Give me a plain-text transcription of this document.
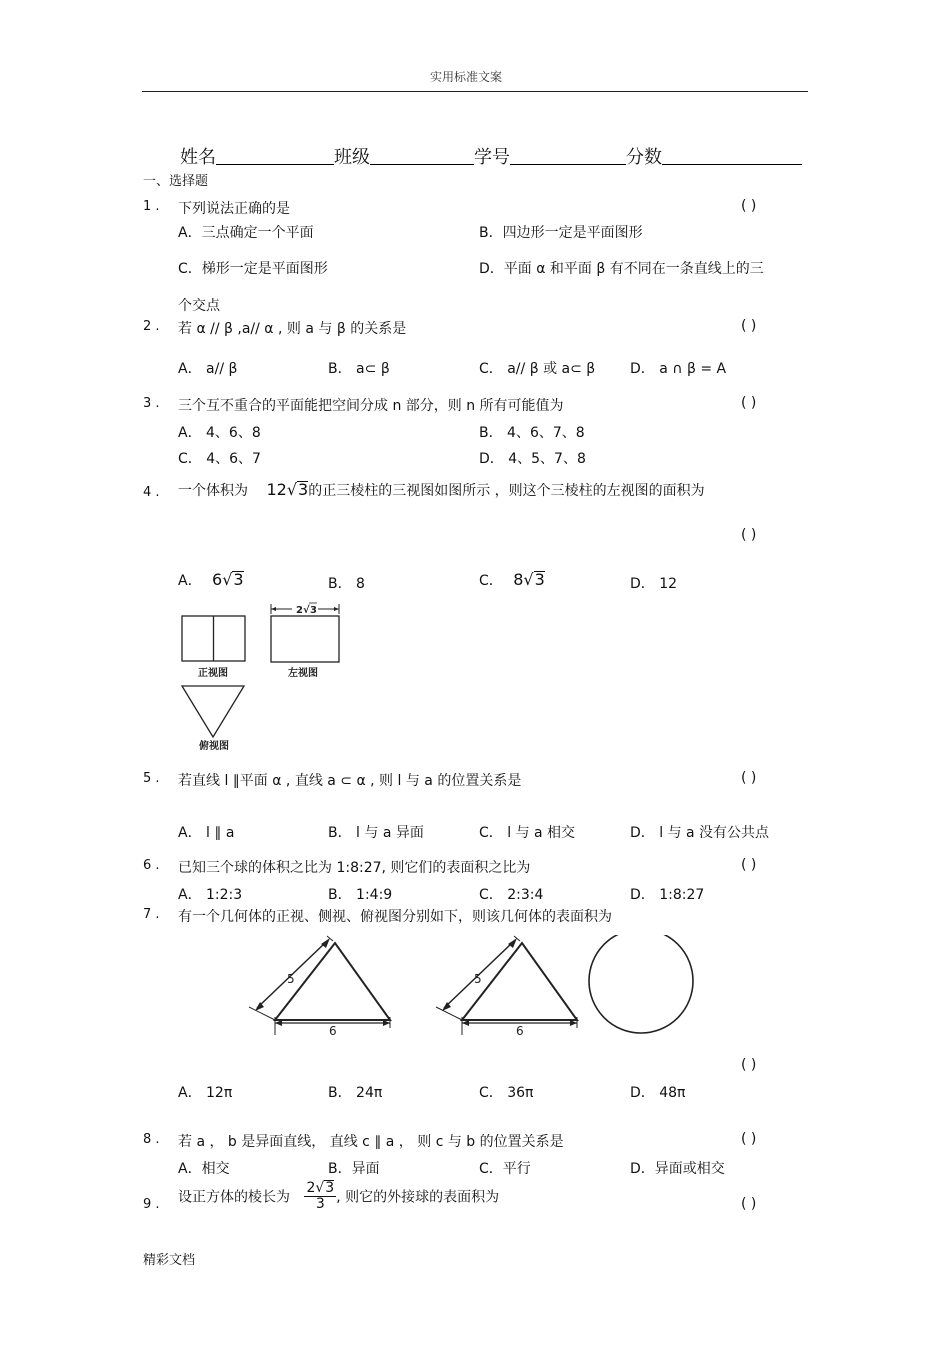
实用标准文案
姓名	班级	学号	分数
一、选择题
1 . 下列说法正确的是	( )
A．三点确定一个平面	B．四边形一定是平面图形
C．梯形一定是平面图形	D．平面 α 和平面 β 有不同在一条直线上的三
个交点
2 . 若 α // β ,a// α , 则 a 与 β 的关系是	( )
A． a// β	B． a⊂ β	C． a// β 或 a⊂ β D． a ∩ β = A
3 . 三个互不重合的平面能把空间分成 n 部分，则 n 所有可能值为	( )
A． 4、6、8	B． 4、6、7、8
C． 4、6、7	D． 4、5、7、8
4 . 一个体积为 12√3的正三棱柱的三视图如图所示 ，则这个三棱柱的左视图的面积为
( )
A． 6√3	B． 8	C． 8√3	D． 12
正视图
2 √ 3
左视图
俯视图
5 . 若直线 l ∥平面 α , 直线 a ⊂ α , 则 l 与 a 的位置关系是	( )
A． l ∥ a	B． l 与 a 异面	C． l 与 a 相交	D． l 与 a 没有公共点
6 . 已知三个球的体积之比为 1:8:27, 则它们的表面积之比为	( )
A． 1:2:3	B． 1:4:9	C． 2:3:4	D． 1:8:27
7 . 有一个几何体的正视、侧视、俯视图分别如下，则该几何体的表面积为
5
6
5
6
( )
A． 12π	B． 24π	C． 36π	D． 48π
8 . 若 a ， b 是异面直线， 直线 c ∥ a ， 则 c 与 b 的位置关系是	( )
A．相交	B．异面	C．平行	D．异面或相交
9 . 设正方体的棱长为 $\frac{2√3}{3}$ , 则它的外接球的表面积为	( )
精彩文档
